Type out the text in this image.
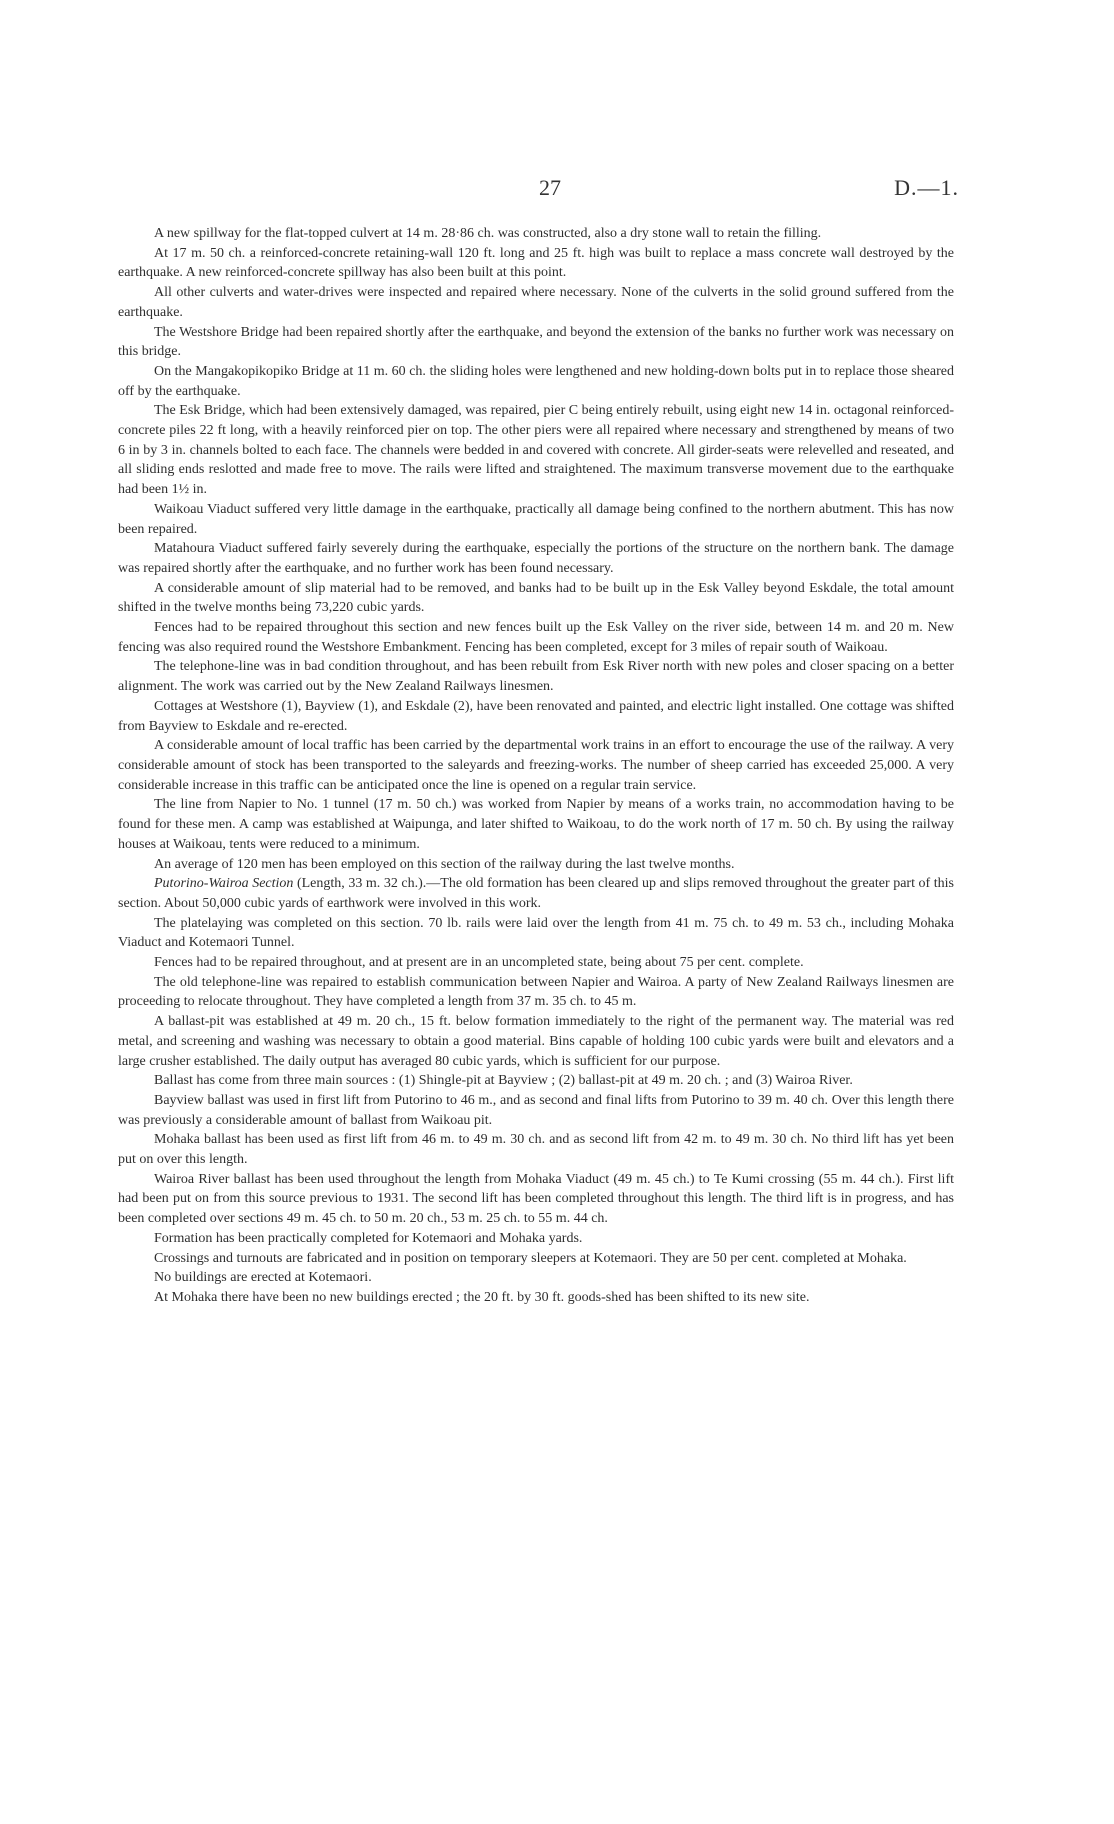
27	D.—1.

A new spillway for the flat-topped culvert at 14 m. 28·86 ch. was constructed, also a dry stone wall to retain the filling.

At 17 m. 50 ch. a reinforced-concrete retaining-wall 120 ft. long and 25 ft. high was built to replace a mass concrete wall destroyed by the earthquake. A new reinforced-concrete spillway has also been built at this point.

All other culverts and water-drives were inspected and repaired where necessary. None of the culverts in the solid ground suffered from the earthquake.

The Westshore Bridge had been repaired shortly after the earthquake, and beyond the extension of the banks no further work was necessary on this bridge.

On the Mangakopikopiko Bridge at 11 m. 60 ch. the sliding holes were lengthened and new holding-down bolts put in to replace those sheared off by the earthquake.

The Esk Bridge, which had been extensively damaged, was repaired, pier C being entirely rebuilt, using eight new 14 in. octagonal reinforced-concrete piles 22 ft long, with a heavily reinforced pier on top. The other piers were all repaired where necessary and strengthened by means of two 6 in by 3 in. channels bolted to each face. The channels were bedded in and covered with concrete. All girder-seats were relevelled and reseated, and all sliding ends reslotted and made free to move. The rails were lifted and straightened. The maximum transverse movement due to the earthquake had been 1½ in.

Waikoau Viaduct suffered very little damage in the earthquake, practically all damage being confined to the northern abutment. This has now been repaired.

Matahoura Viaduct suffered fairly severely during the earthquake, especially the portions of the structure on the northern bank. The damage was repaired shortly after the earthquake, and no further work has been found necessary.

A considerable amount of slip material had to be removed, and banks had to be built up in the Esk Valley beyond Eskdale, the total amount shifted in the twelve months being 73,220 cubic yards.

Fences had to be repaired throughout this section and new fences built up the Esk Valley on the river side, between 14 m. and 20 m. New fencing was also required round the Westshore Embankment. Fencing has been completed, except for 3 miles of repair south of Waikoau.

The telephone-line was in bad condition throughout, and has been rebuilt from Esk River north with new poles and closer spacing on a better alignment. The work was carried out by the New Zealand Railways linesmen.

Cottages at Westshore (1), Bayview (1), and Eskdale (2), have been renovated and painted, and electric light installed. One cottage was shifted from Bayview to Eskdale and re-erected.

A considerable amount of local traffic has been carried by the departmental work trains in an effort to encourage the use of the railway. A very considerable amount of stock has been transported to the saleyards and freezing-works. The number of sheep carried has exceeded 25,000. A very considerable increase in this traffic can be anticipated once the line is opened on a regular train service.

The line from Napier to No. 1 tunnel (17 m. 50 ch.) was worked from Napier by means of a works train, no accommodation having to be found for these men. A camp was established at Waipunga, and later shifted to Waikoau, to do the work north of 17 m. 50 ch. By using the railway houses at Waikoau, tents were reduced to a minimum.

An average of 120 men has been employed on this section of the railway during the last twelve months.

Putorino-Wairoa Section (Length, 33 m. 32 ch.).—The old formation has been cleared up and slips removed throughout the greater part of this section. About 50,000 cubic yards of earthwork were involved in this work.

The platelaying was completed on this section. 70 lb. rails were laid over the length from 41 m. 75 ch. to 49 m. 53 ch., including Mohaka Viaduct and Kotemaori Tunnel.

Fences had to be repaired throughout, and at present are in an uncompleted state, being about 75 per cent. complete.

The old telephone-line was repaired to establish communication between Napier and Wairoa. A party of New Zealand Railways linesmen are proceeding to relocate throughout. They have completed a length from 37 m. 35 ch. to 45 m.

A ballast-pit was established at 49 m. 20 ch., 15 ft. below formation immediately to the right of the permanent way. The material was red metal, and screening and washing was necessary to obtain a good material. Bins capable of holding 100 cubic yards were built and elevators and a large crusher established. The daily output has averaged 80 cubic yards, which is sufficient for our purpose.

Ballast has come from three main sources : (1) Shingle-pit at Bayview ; (2) ballast-pit at 49 m. 20 ch. ; and (3) Wairoa River.

Bayview ballast was used in first lift from Putorino to 46 m., and as second and final lifts from Putorino to 39 m. 40 ch. Over this length there was previously a considerable amount of ballast from Waikoau pit.

Mohaka ballast has been used as first lift from 46 m. to 49 m. 30 ch. and as second lift from 42 m. to 49 m. 30 ch. No third lift has yet been put on over this length.

Wairoa River ballast has been used throughout the length from Mohaka Viaduct (49 m. 45 ch.) to Te Kumi crossing (55 m. 44 ch.). First lift had been put on from this source previous to 1931. The second lift has been completed throughout this length. The third lift is in progress, and has been completed over sections 49 m. 45 ch. to 50 m. 20 ch., 53 m. 25 ch. to 55 m. 44 ch.

Formation has been practically completed for Kotemaori and Mohaka yards.

Crossings and turnouts are fabricated and in position on temporary sleepers at Kotemaori. They are 50 per cent. completed at Mohaka.

No buildings are erected at Kotemaori.

At Mohaka there have been no new buildings erected ; the 20 ft. by 30 ft. goods-shed has been shifted to its new site.
